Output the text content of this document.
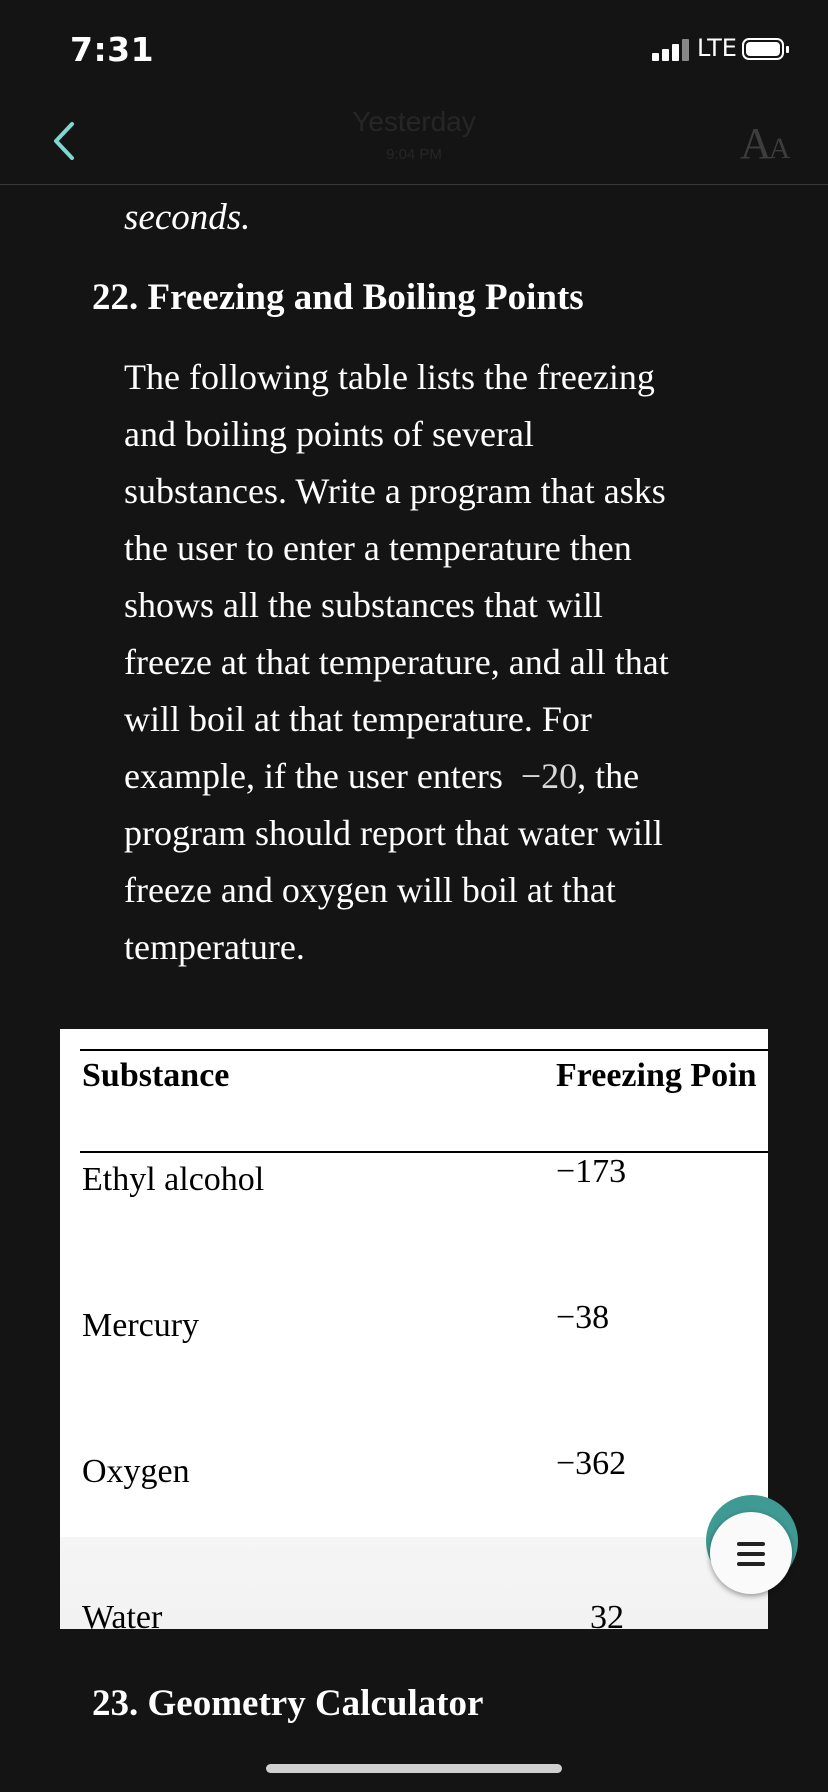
7:31	LTE
Yesterday
9:04 PM	AA
seconds.
22. Freezing and Boiling Points
The following table lists the freezing
and boiling points of several
substances. Write a program that asks
the user to enter a temperature then
shows all the substances that will
freeze at that temperature, and all that
will boil at that temperature. For
example, if the user enters −20, the
program should report that water will
freeze and oxygen will boil at that
temperature.
Substance	Freezing Poin
Ethyl alcohol	−173
Mercury	−38
Oxygen	−362
Water	32
23. Geometry Calculator
